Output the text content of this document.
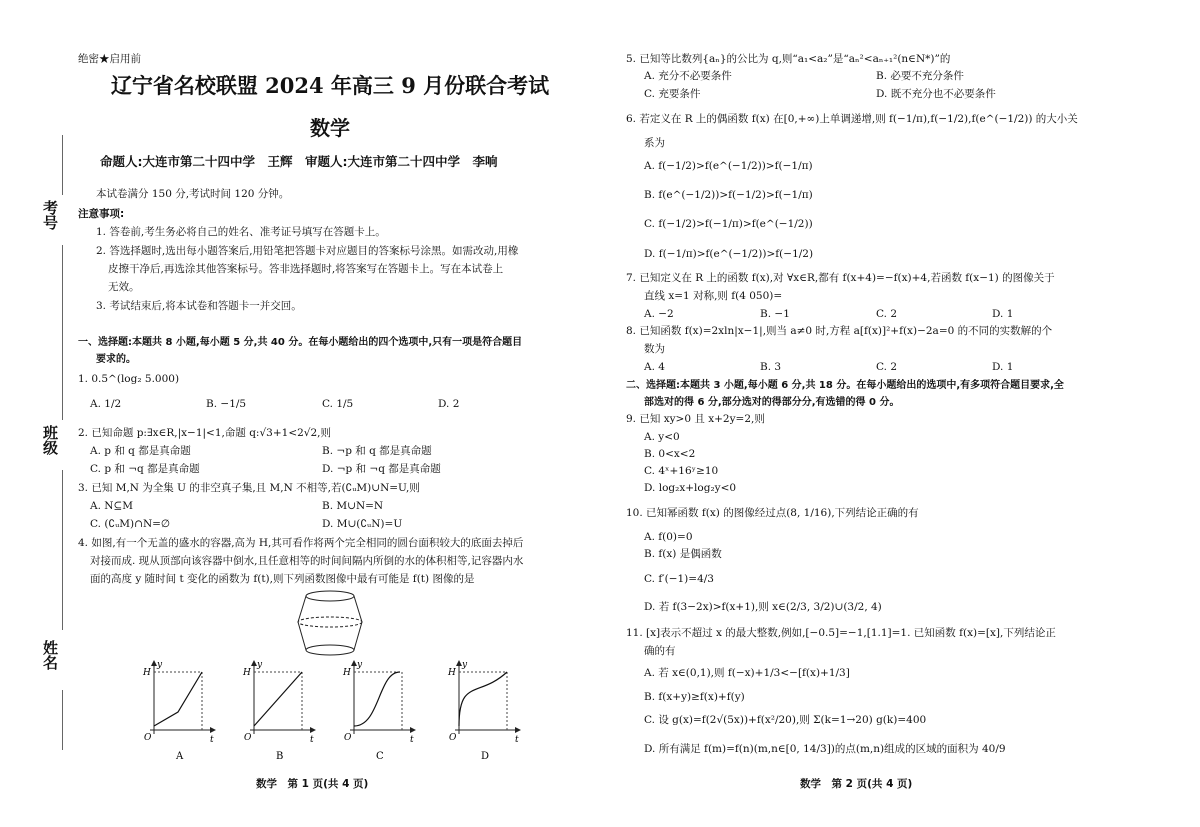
考号
班级
姓名
绝密★启用前
辽宁省名校联盟 2024 年高三 9 月份联合考试
数学
命题人:大连市第二十四中学　王辉　审题人:大连市第二十四中学　李响
本试卷满分 150 分,考试时间 120 分钟。
注意事项:
1. 答卷前,考生务必将自己的姓名、准考证号填写在答题卡上。
2. 答选择题时,选出每小题答案后,用铅笔把答题卡对应题目的答案标号涂黑。如需改动,用橡
皮擦干净后,再选涂其他答案标号。答非选择题时,将答案写在答题卡上。写在本试卷上
无效。
3. 考试结束后,将本试卷和答题卡一并交回。
一、选择题:本题共 8 小题,每小题 5 分,共 40 分。在每小题给出的四个选项中,只有一项是符合题目
要求的。
1. 0.5^(log₂ 5.000)
A. 1/2	B. −1/5	C. 1/5	D. 2
2. 已知命题 p:∃x∈R,|x−1|<1,命题 q:√3+1<2√2,则
A. p 和 q 都是真命题	B. ¬p 和 q 都是真命题
C. p 和 ¬q 都是真命题	D. ¬p 和 ¬q 都是真命题
3. 已知 M,N 为全集 U 的非空真子集,且 M,N 不相等,若(∁ᵤM)∪N=U,则
A. N⊆M	B. M∪N=N
C. (∁ᵤM)∩N=∅	D. M∪(∁ᵤN)=U
4. 如图,有一个无盖的盛水的容器,高为 H,其可看作将两个完全相同的圆台面积较大的底面去掉后
对接而成. 现从顶部向该容器中倒水,且任意相等的时间间隔内所倒的水的体积相等,记容器内水
面的高度 y 随时间 t 变化的函数为 f(t),则下列函数图像中最有可能是 f(t) 图像的是
H
y
t
O
A
H
y
t
O
B
H
y
t
O
C
H
y
t
O
D
数学　第 1 页(共 4 页)
5. 已知等比数列{aₙ}的公比为 q,则“a₁<a₂”是“aₙ²<aₙ₊₁²(n∈N*)”的
A. 充分不必要条件	B. 必要不充分条件
C. 充要条件	D. 既不充分也不必要条件
6. 若定义在 R 上的偶函数 f(x) 在[0,+∞)上单调递增,则 f(−1/π),f(−1/2),f(e^(−1/2)) 的大小关
系为
A. f(−1/2)>f(e^(−1/2))>f(−1/π)
B. f(e^(−1/2))>f(−1/2)>f(−1/π)
C. f(−1/2)>f(−1/π)>f(e^(−1/2))
D. f(−1/π)>f(e^(−1/2))>f(−1/2)
7. 已知定义在 R 上的函数 f(x),对 ∀x∈R,都有 f(x+4)=−f(x)+4,若函数 f(x−1) 的图像关于
直线 x=1 对称,则 f(4 050)=
A. −2	B. −1	C. 2	D. 1
8. 已知函数 f(x)=2xln|x−1|,则当 a≠0 时,方程 a[f(x)]²+f(x)−2a=0 的不同的实数解的个
数为
A. 4	B. 3	C. 2	D. 1
二、选择题:本题共 3 小题,每小题 6 分,共 18 分。在每小题给出的选项中,有多项符合题目要求,全
部选对的得 6 分,部分选对的得部分分,有选错的得 0 分。
9. 已知 xy>0 且 x+2y=2,则
A. y<0
B. 0<x<2
C. 4ˣ+16ʸ≥10
D. log₂x+log₂y<0
10. 已知幂函数 f(x) 的图像经过点(8, 1/16),下列结论正确的有
A. f(0)=0
B. f(x) 是偶函数
C. f′(−1)=4/3
D. 若 f(3−2x)>f(x+1),则 x∈(2/3, 3/2)∪(3/2, 4)
11. [x]表示不超过 x 的最大整数,例如,[−0.5]=−1,[1.1]=1. 已知函数 f(x)=[x],下列结论正
确的有
A. 若 x∈(0,1),则 f(−x)+1/3<−[f(x)+1/3]
B. f(x+y)≥f(x)+f(y)
C. 设 g(x)=f(2√(5x))+f(x²/20),则 Σ(k=1→20) g(k)=400
D. 所有满足 f(m)=f(n)(m,n∈[0, 14/3])的点(m,n)组成的区域的面积为 40/9
数学　第 2 页(共 4 页)
